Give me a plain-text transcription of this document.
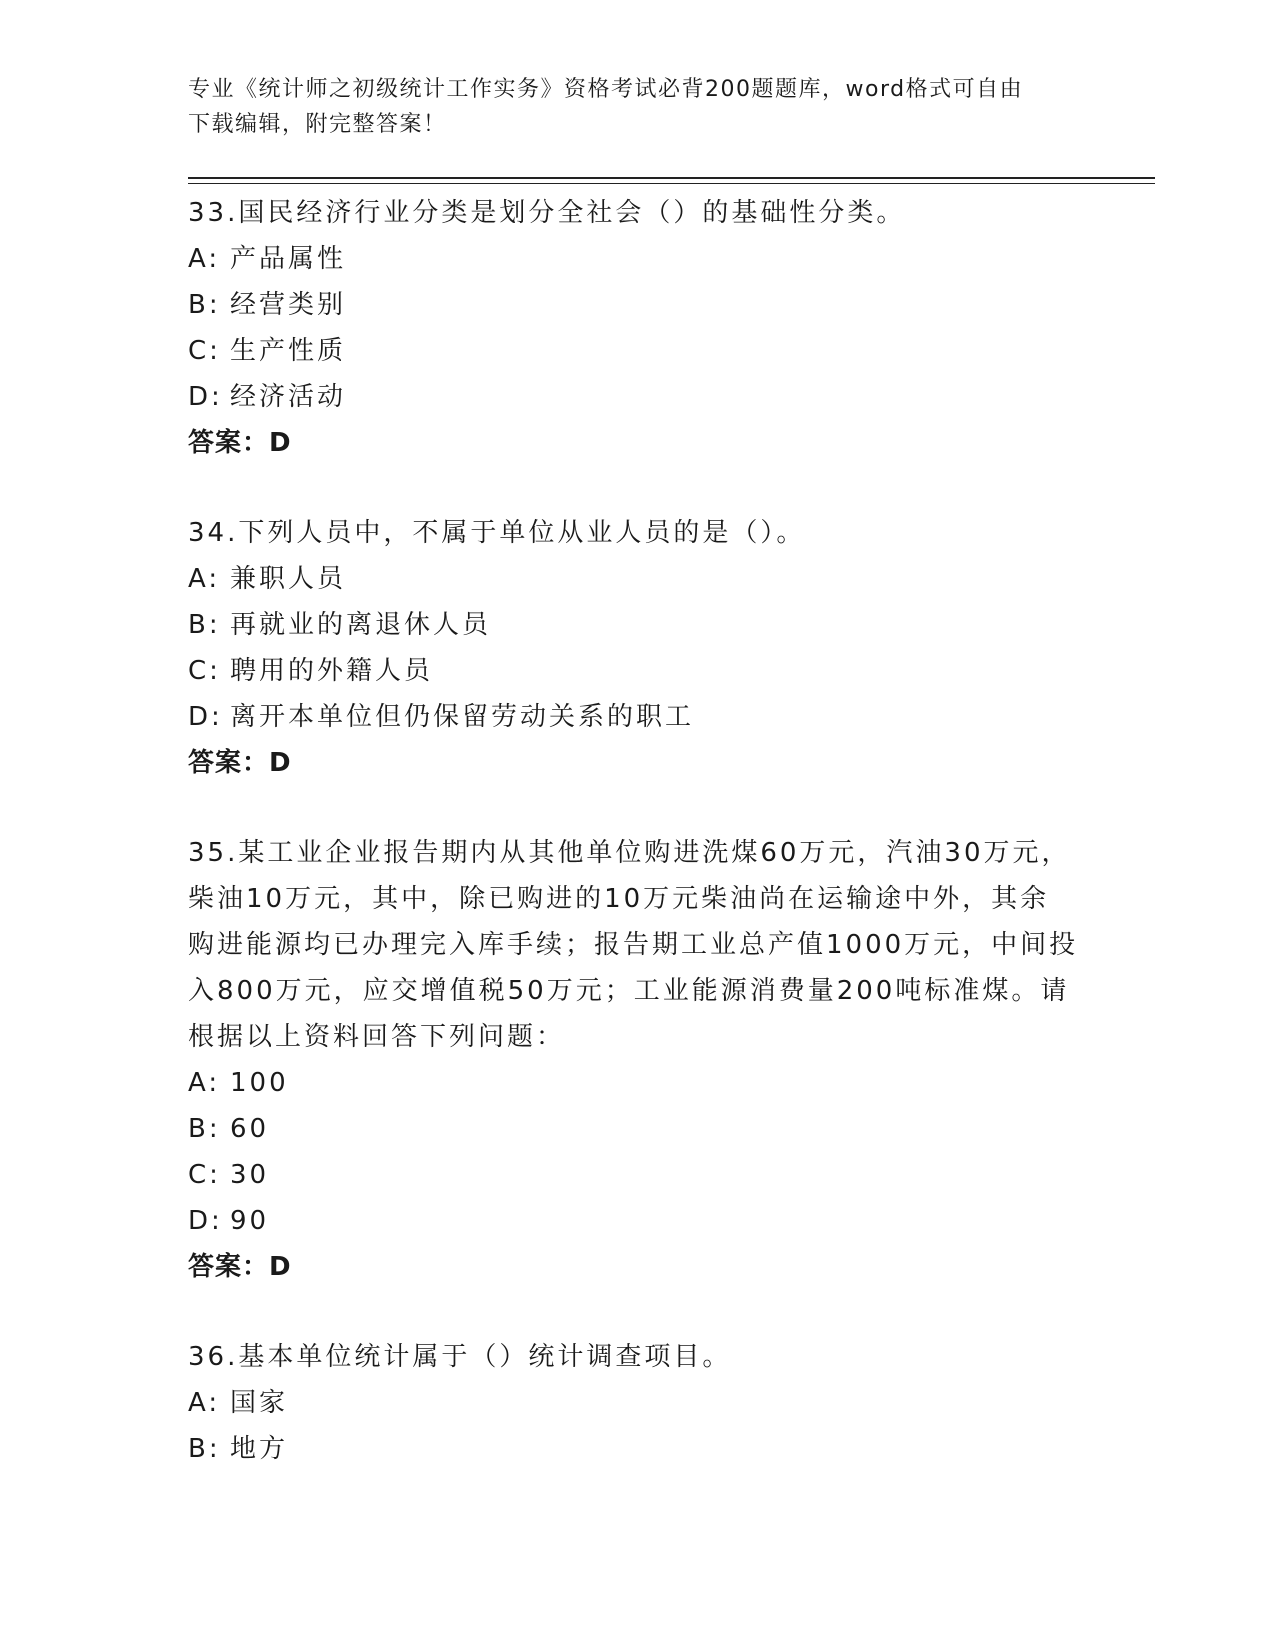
专业《统计师之初级统计工作实务》资格考试必背200题题库，word格式可自由
下载编辑，附完整答案！
33.国民经济行业分类是划分全社会（）的基础性分类。
A: 产品属性
B: 经营类别
C: 生产性质
D: 经济活动
答案：D
34.下列人员中，不属于单位从业人员的是（）。
A: 兼职人员
B: 再就业的离退休人员
C: 聘用的外籍人员
D: 离开本单位但仍保留劳动关系的职工
答案：D
35.某工业企业报告期内从其他单位购进洗煤60万元，汽油30万元，
柴油10万元，其中，除已购进的10万元柴油尚在运输途中外，其余
购进能源均已办理完入库手续；报告期工业总产值1000万元，中间投
入800万元，应交增值税50万元；工业能源消费量200吨标准煤。请
根据以上资料回答下列问题：
A: 100
B: 60
C: 30
D: 90
答案：D
36.基本单位统计属于（）统计调查项目。
A: 国家
B: 地方
